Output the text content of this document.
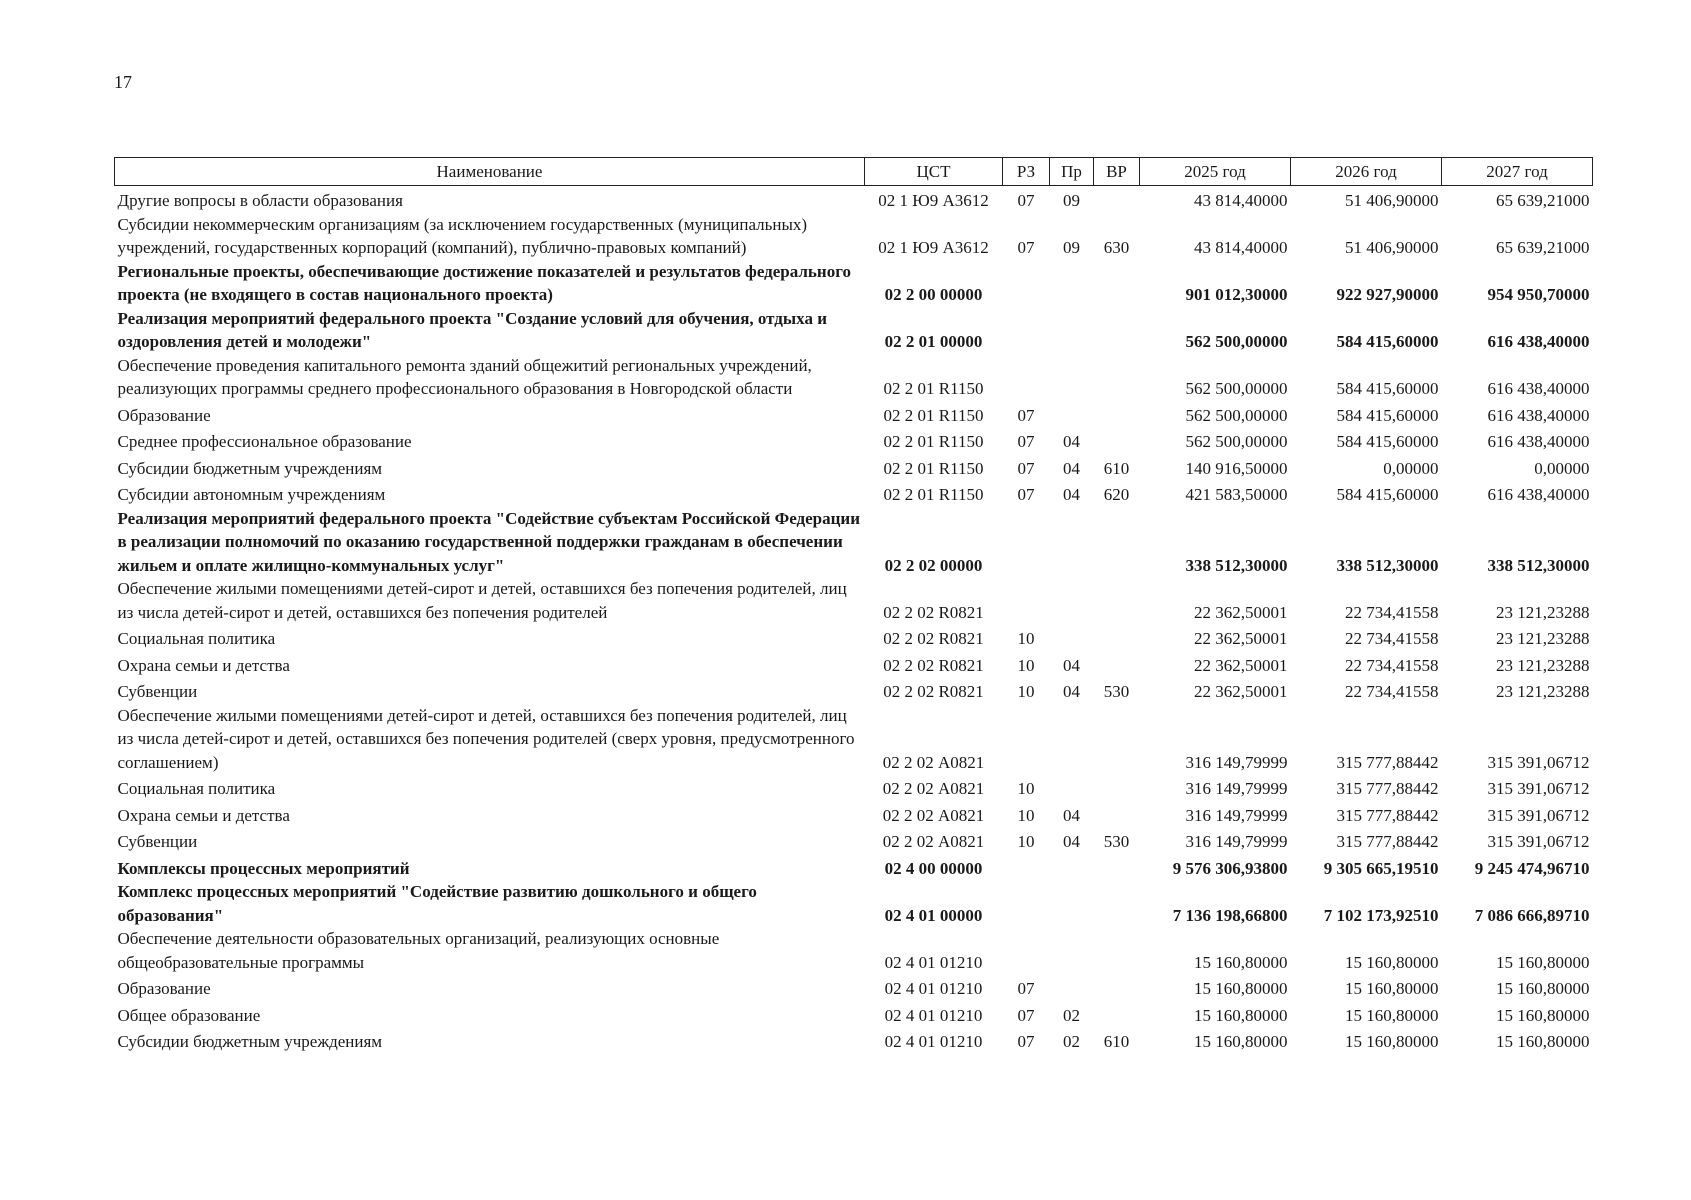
17
Наименование	ЦСТ	РЗ	Пр	ВР	2025 год	2026 год	2027 год
Другие вопросы в области образования	02 1 Ю9 А3612	07	09		43 814,40000	51 406,90000	65 639,21000
Субсидии некоммерческим организациям (за исключением государственных (муниципальных) учреждений, государственных корпораций (компаний), публично-правовых компаний)	02 1 Ю9 А3612	07	09	630	43 814,40000	51 406,90000	65 639,21000
Региональные проекты, обеспечивающие достижение показателей и результатов федерального проекта (не входящего в состав национального проекта)	02 2 00 00000				901 012,30000	922 927,90000	954 950,70000
Реализация мероприятий федерального проекта "Создание условий для обучения, отдыха и оздоровления детей и молодежи"	02 2 01 00000				562 500,00000	584 415,60000	616 438,40000
Обеспечение проведения капитального ремонта зданий общежитий региональных учреждений, реализующих программы среднего профессионального образования в Новгородской области	02 2 01 R1150				562 500,00000	584 415,60000	616 438,40000
Образование	02 2 01 R1150	07			562 500,00000	584 415,60000	616 438,40000
Среднее профессиональное образование	02 2 01 R1150	07	04		562 500,00000	584 415,60000	616 438,40000
Субсидии бюджетным учреждениям	02 2 01 R1150	07	04	610	140 916,50000	0,00000	0,00000
Субсидии автономным учреждениям	02 2 01 R1150	07	04	620	421 583,50000	584 415,60000	616 438,40000
Реализация мероприятий федерального проекта "Содействие субъектам Российской Федерации в реализации полномочий по оказанию государственной поддержки гражданам в обеспечении жильем и оплате жилищно-коммунальных услуг"	02 2 02 00000				338 512,30000	338 512,30000	338 512,30000
Обеспечение жилыми помещениями детей-сирот и детей, оставшихся без попечения родителей, лиц из числа детей-сирот и детей, оставшихся без попечения родителей	02 2 02 R0821				22 362,50001	22 734,41558	23 121,23288
Социальная политика	02 2 02 R0821	10			22 362,50001	22 734,41558	23 121,23288
Охрана семьи и детства	02 2 02 R0821	10	04		22 362,50001	22 734,41558	23 121,23288
Субвенции	02 2 02 R0821	10	04	530	22 362,50001	22 734,41558	23 121,23288
Обеспечение жилыми помещениями детей-сирот и детей, оставшихся без попечения родителей, лиц из числа детей-сирот и детей, оставшихся без попечения родителей (сверх уровня, предусмотренного соглашением)	02 2 02 А0821				316 149,79999	315 777,88442	315 391,06712
Социальная политика	02 2 02 А0821	10			316 149,79999	315 777,88442	315 391,06712
Охрана семьи и детства	02 2 02 А0821	10	04		316 149,79999	315 777,88442	315 391,06712
Субвенции	02 2 02 А0821	10	04	530	316 149,79999	315 777,88442	315 391,06712
Комплексы процессных мероприятий	02 4 00 00000				9 576 306,93800	9 305 665,19510	9 245 474,96710
Комплекс процессных мероприятий "Содействие развитию дошкольного и общего образования"	02 4 01 00000				7 136 198,66800	7 102 173,92510	7 086 666,89710
Обеспечение деятельности образовательных организаций, реализующих основные общеобразовательные программы	02 4 01 01210				15 160,80000	15 160,80000	15 160,80000
Образование	02 4 01 01210	07			15 160,80000	15 160,80000	15 160,80000
Общее образование	02 4 01 01210	07	02		15 160,80000	15 160,80000	15 160,80000
Субсидии бюджетным учреждениям	02 4 01 01210	07	02	610	15 160,80000	15 160,80000	15 160,80000
